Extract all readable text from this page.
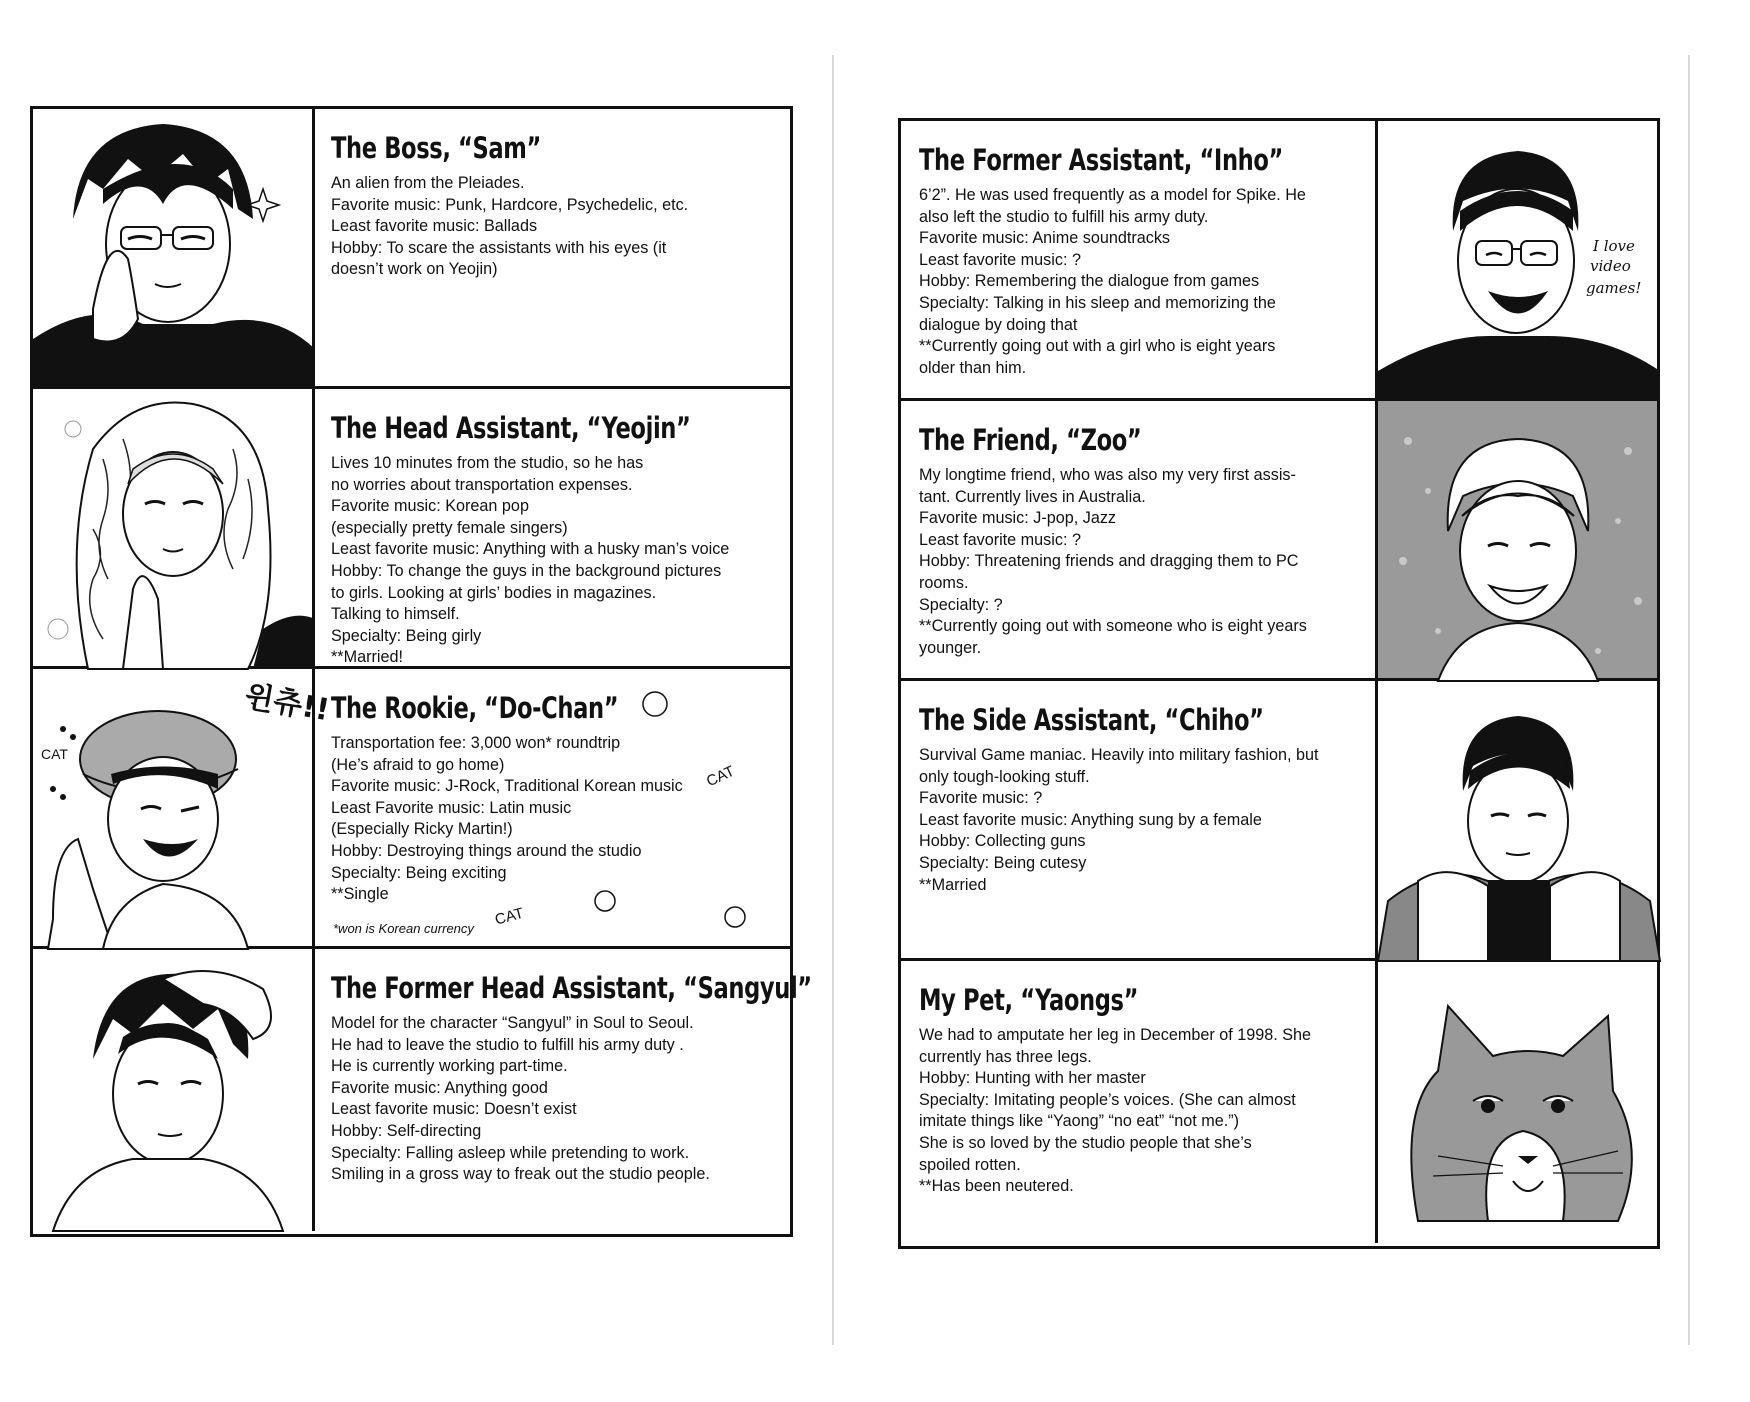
The Boss, “Sam”
An alien from the Pleiades.
Favorite music: Punk, Hardcore, Psychedelic, etc.
Least favorite music: Ballads
Hobby: To scare the assistants with his eyes (it
doesn’t work on Yeojin)
The Head Assistant, “Yeojin”
Lives 10 minutes from the studio, so he has
no worries about transportation expenses.
Favorite music: Korean pop
(especially pretty female singers)
Least favorite music: Anything with a husky man’s voice
Hobby: To change the guys in the background pictures
to girls. Looking at girls’ bodies in magazines.
Talking to himself.
Specialty: Being girly
**Married!
CAT
윈츄!!
The Rookie, “Do-Chan”
Transportation fee: 3,000 won* roundtrip
(He’s afraid to go home)
Favorite music: J-Rock, Traditional Korean music
Least Favorite music: Latin music
(Especially Ricky Martin!)
Hobby: Destroying things around the studio
Specialty: Being exciting
**Single
*won is Korean currency
CAT
CAT
The Former Head Assistant, “Sangyul”
Model for the character “Sangyul” in Soul to Seoul.
He had to leave the studio to fulfill his army duty .
He is currently working part-time.
Favorite music: Anything good
Least favorite music: Doesn’t exist
Hobby: Self-directing
Specialty: Falling asleep while pretending to work.
Smiling in a gross way to freak out the studio people.
The Former Assistant, “Inho”
6’2”. He was used frequently as a model for Spike. He
also left the studio to fulfill his army duty.
Favorite music: Anime soundtracks
Least favorite music: ?
Hobby: Remembering the dialogue from games
Specialty: Talking in his sleep and memorizing the
dialogue by doing that
**Currently going out with a girl who is eight years
older than him.
I love
video
games!
The Friend, “Zoo”
My longtime friend, who was also my very first assis-
tant. Currently lives in Australia.
Favorite music: J-pop, Jazz
Least favorite music: ?
Hobby: Threatening friends and dragging them to PC
rooms.
Specialty: ?
**Currently going out with someone who is eight years
younger.
The Side Assistant, “Chiho”
Survival Game maniac. Heavily into military fashion, but
only tough-looking stuff.
Favorite music: ?
Least favorite music: Anything sung by a female
Hobby: Collecting guns
Specialty: Being cutesy
**Married
My Pet, “Yaongs”
We had to amputate her leg in December of 1998. She
currently has three legs.
Hobby: Hunting with her master
Specialty: Imitating people’s voices. (She can almost
imitate things like “Yaong” “no eat” “not me.”)
She is so loved by the studio people that she’s
spoiled rotten.
**Has been neutered.
